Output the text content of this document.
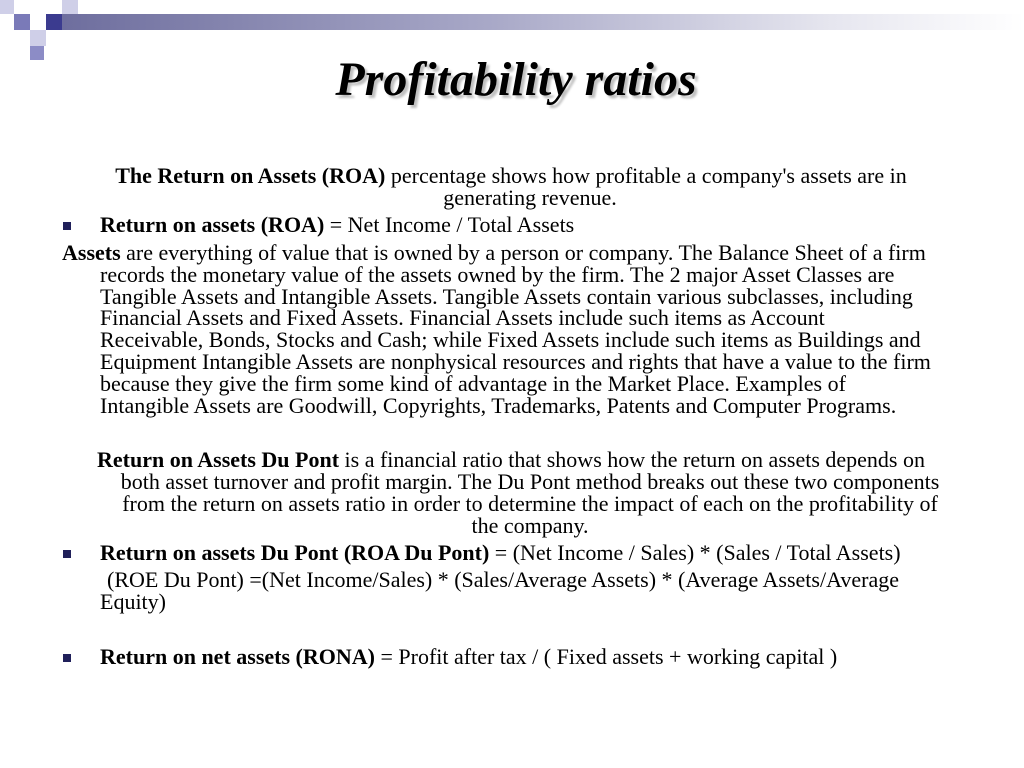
Profitability ratios
The Return on Assets (ROA) percentage shows how profitable a company's assets are in
generating revenue.
Return on assets (ROA) = Net Income / Total Assets
Assets are everything of value that is owned by a person or company. The Balance Sheet of a firm
records the monetary value of the assets owned by the firm. The 2 major Asset Classes are
Tangible Assets and Intangible Assets. Tangible Assets contain various subclasses, including
Financial Assets and Fixed Assets. Financial Assets include such items as Account
Receivable, Bonds, Stocks and Cash; while Fixed Assets include such items as Buildings and
Equipment Intangible Assets are nonphysical resources and rights that have a value to the firm
because they give the firm some kind of advantage in the Market Place. Examples of
Intangible Assets are Goodwill, Copyrights, Trademarks, Patents and Computer Programs.
Return on Assets Du Pont is a financial ratio that shows how the return on assets depends on
both asset turnover and profit margin. The Du Pont method breaks out these two components
from the return on assets ratio in order to determine the impact of each on the profitability of
the company.
Return on assets Du Pont (ROA Du Pont) = (Net Income / Sales) * (Sales / Total Assets)
(ROE Du Pont) =(Net Income/Sales) * (Sales/Average Assets) * (Average Assets/Average
Equity)
Return on net assets (RONA) = Profit after tax / ( Fixed assets + working capital )
